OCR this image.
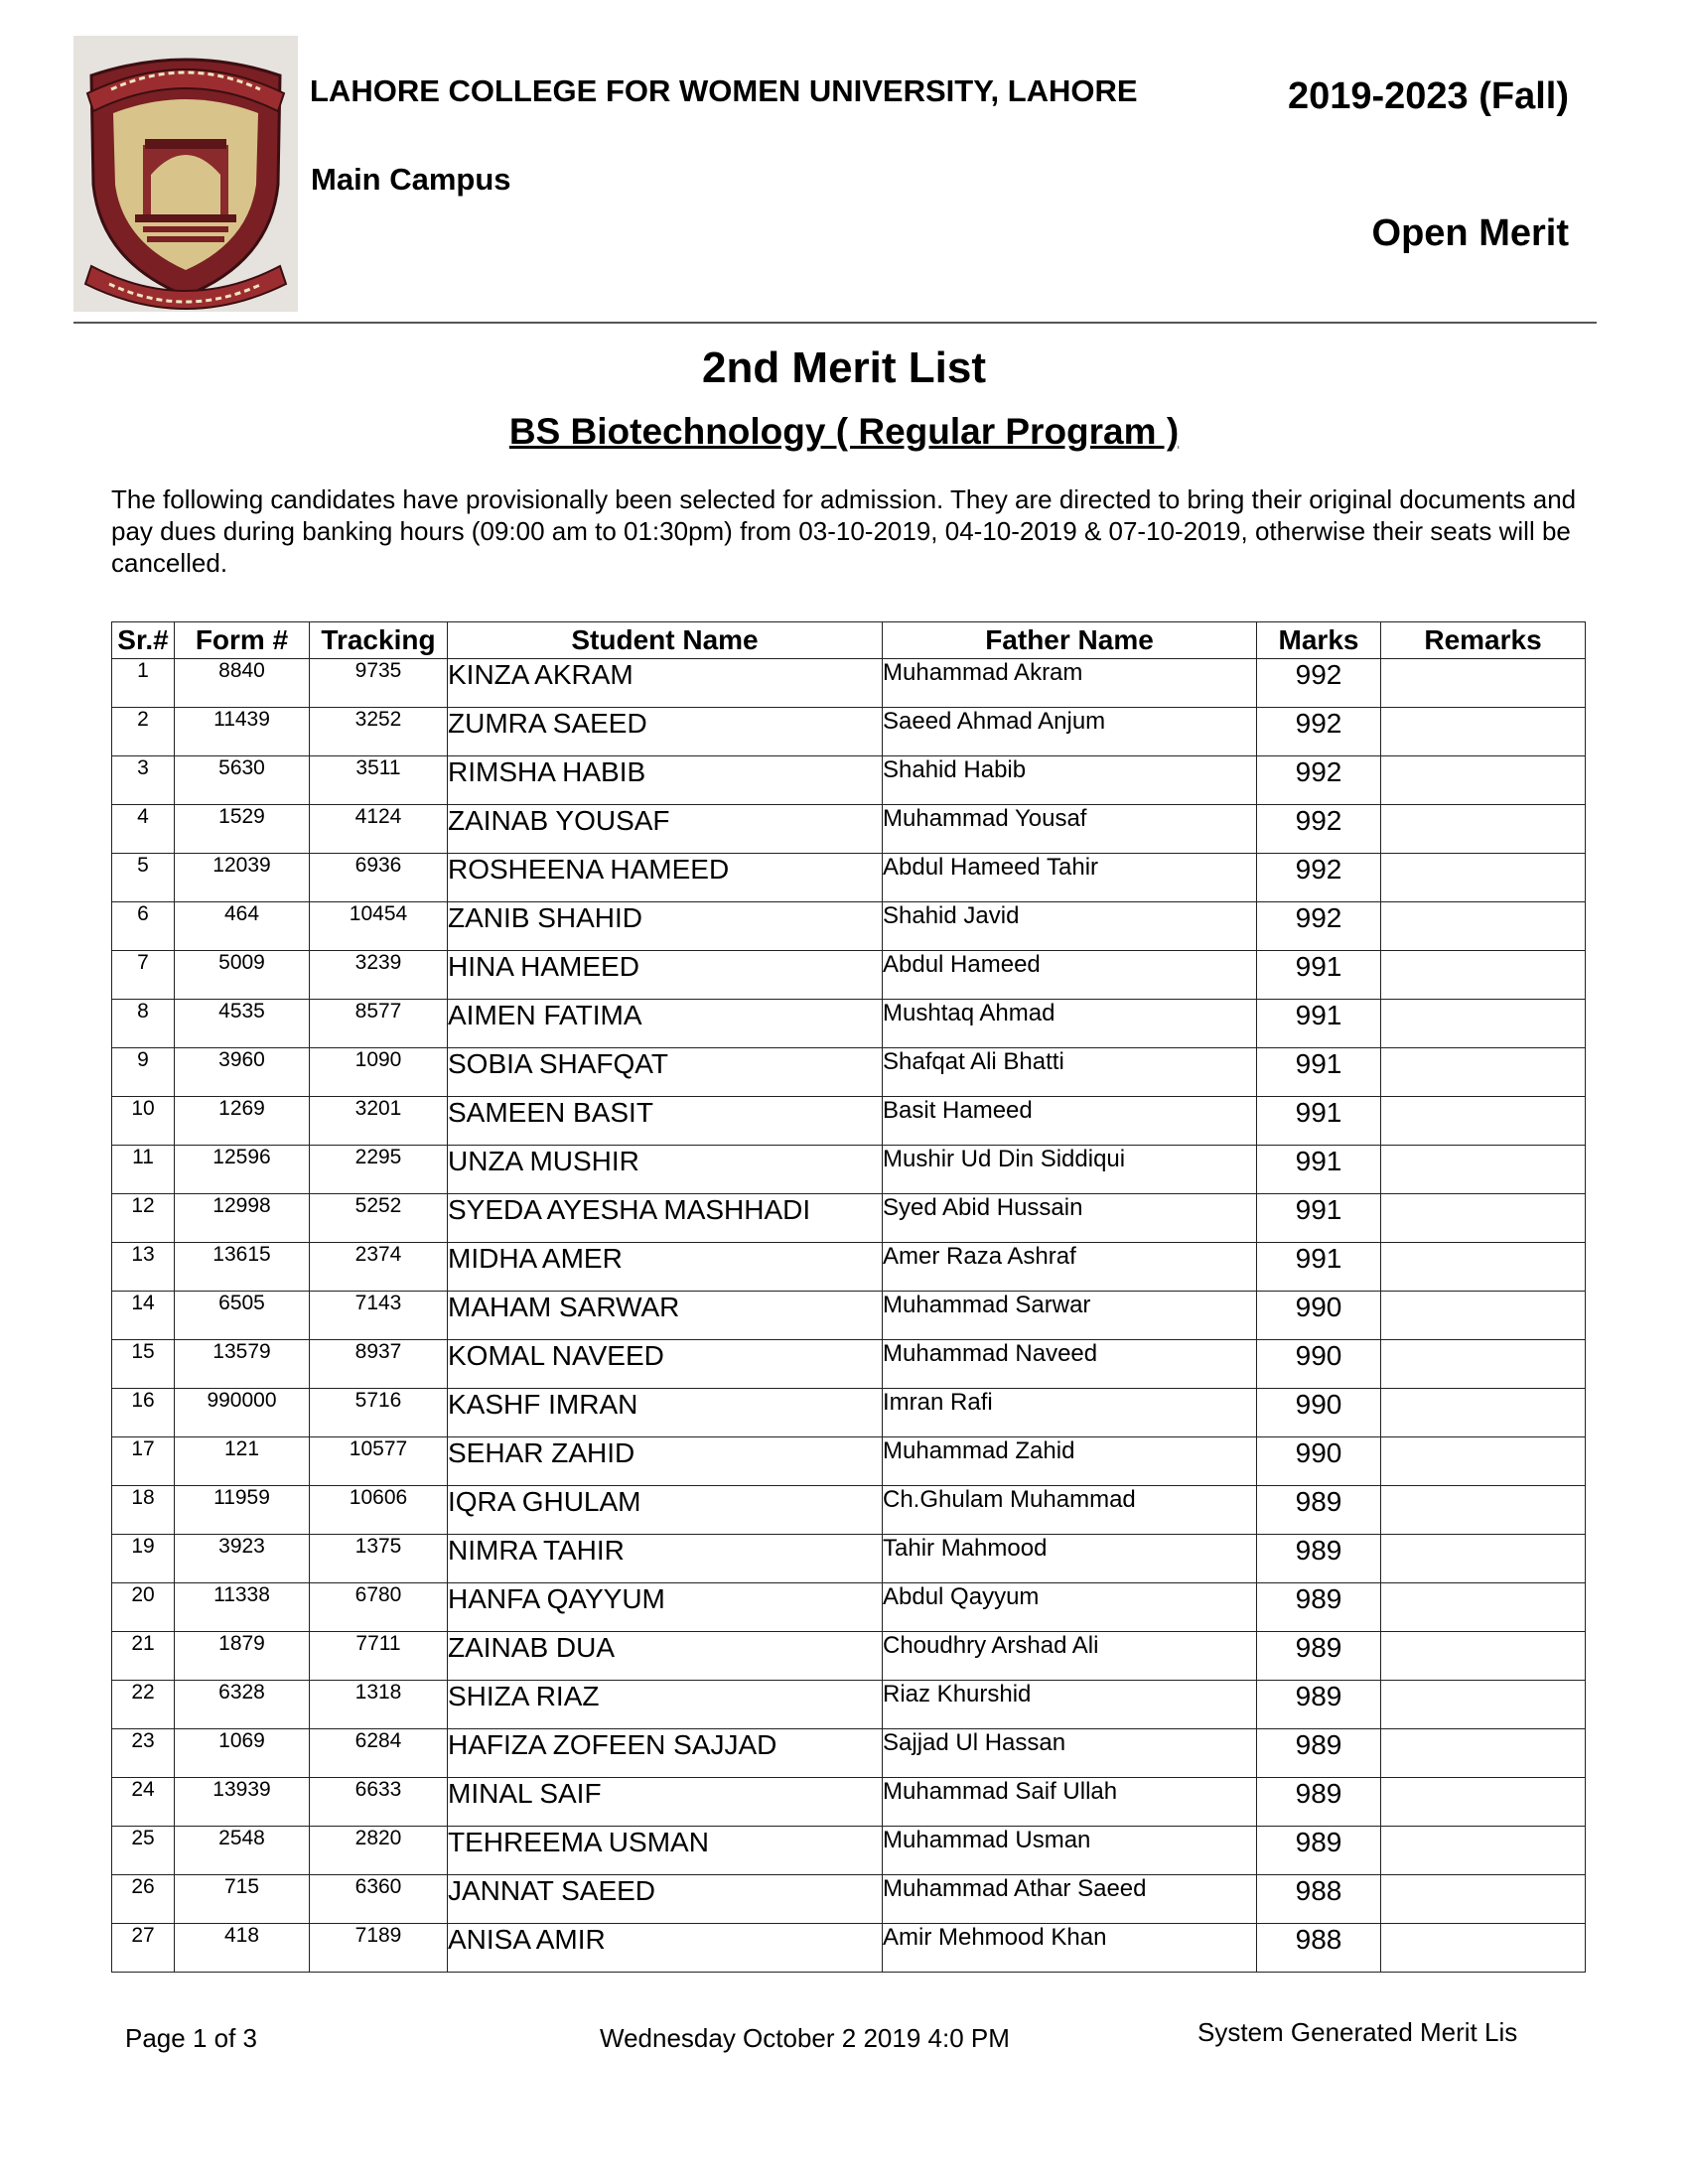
LAHORE COLLEGE FOR WOMEN UNIVERSITY, LAHORE	2019-2023 (Fall)
Main Campus
Open Merit
2nd Merit List
BS Biotechnology ( Regular Program )
The following candidates have provisionally been selected for admission. They are directed to bring their original documents and pay dues during banking hours (09:00 am to 01:30pm) from 03-10-2019, 04-10-2019 & 07-10-2019, otherwise their seats will be cancelled.
Sr.#	Form #	Tracking	Student Name	Father Name	Marks	Remarks
1	8840	9735	KINZA AKRAM	Muhammad Akram	992	
2	11439	3252	ZUMRA SAEED	Saeed Ahmad Anjum	992	
3	5630	3511	RIMSHA HABIB	Shahid Habib	992	
4	1529	4124	ZAINAB YOUSAF	Muhammad Yousaf	992	
5	12039	6936	ROSHEENA HAMEED	Abdul Hameed Tahir	992	
6	464	10454	ZANIB SHAHID	Shahid Javid	992	
7	5009	3239	HINA HAMEED	Abdul Hameed	991	
8	4535	8577	AIMEN FATIMA	Mushtaq Ahmad	991	
9	3960	1090	SOBIA SHAFQAT	Shafqat Ali Bhatti	991	
10	1269	3201	SAMEEN BASIT	Basit Hameed	991	
11	12596	2295	UNZA MUSHIR	Mushir Ud Din Siddiqui	991	
12	12998	5252	SYEDA AYESHA MASHHADI	Syed Abid Hussain	991	
13	13615	2374	MIDHA AMER	Amer Raza Ashraf	991	
14	6505	7143	MAHAM SARWAR	Muhammad Sarwar	990	
15	13579	8937	KOMAL NAVEED	Muhammad Naveed	990	
16	990000	5716	KASHF IMRAN	Imran Rafi	990	
17	121	10577	SEHAR ZAHID	Muhammad Zahid	990	
18	11959	10606	IQRA GHULAM	Ch.Ghulam Muhammad	989	
19	3923	1375	NIMRA TAHIR	Tahir Mahmood	989	
20	11338	6780	HANFA QAYYUM	Abdul Qayyum	989	
21	1879	7711	ZAINAB DUA	Choudhry Arshad Ali	989	
22	6328	1318	SHIZA RIAZ	Riaz Khurshid	989	
23	1069	6284	HAFIZA ZOFEEN SAJJAD	Sajjad Ul Hassan	989	
24	13939	6633	MINAL SAIF	Muhammad Saif Ullah	989	
25	2548	2820	TEHREEMA USMAN	Muhammad Usman	989	
26	715	6360	JANNAT SAEED	Muhammad Athar Saeed	988	
27	418	7189	ANISA AMIR	Amir Mehmood Khan	988	
Page 1 of 3	Wednesday October 2 2019 4:0 PM	System Generated Merit Lis
